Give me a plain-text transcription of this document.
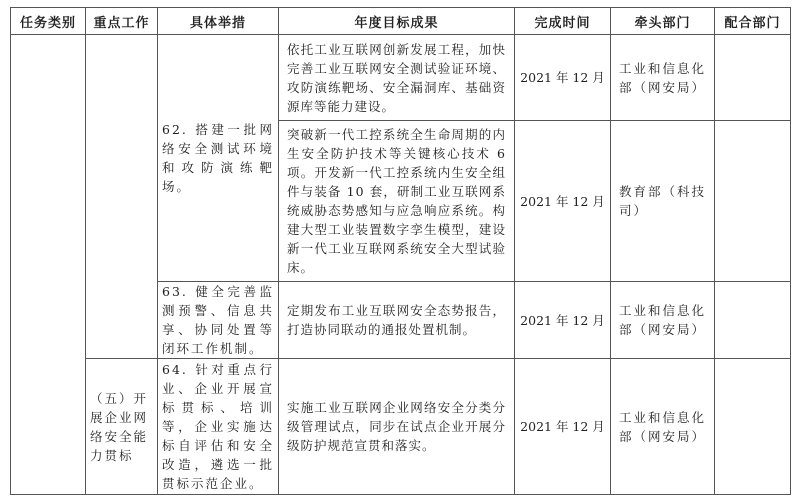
任务类别	重点工作	具体举措	年度目标成果	完成时间	牵头部门	配合部门
		62. 搭建一批网络安全测试环境和攻防演练靶场。	依托工业互联网创新发展工程，加快完善工业互联网安全测试验证环境、攻防演练靶场、安全漏洞库、基础资源库等能力建设。	2021 年 12 月	工业和信息化部（网安局）	
			突破新一代工控系统全生命周期的内生安全防护技术等关键核心技术 6 项。开发新一代工控系统内生安全组件与装备 10 套，研制工业互联网系统威胁态势感知与应急响应系统。构建大型工业装置数字孪生模型，建设新一代工业互联网系统安全大型试验床。	2021 年 12 月	教育部（科技司）	
		63. 健全完善监测预警、信息共享、协同处置等闭环工作机制。	定期发布工业互联网安全态势报告，打造协同联动的通报处置机制。	2021 年 12 月	工业和信息化部（网安局）	
	（五）开展企业网络安全能力贯标	64. 针对重点行业、企业开展宣标贯标、培训等，企业实施达标自评估和安全改造，遴选一批贯标示范企业。	实施工业互联网企业网络安全分类分级管理试点，同步在试点企业开展分级防护规范宣贯和落实。	2021 年 12 月	工业和信息化部（网安局）	
